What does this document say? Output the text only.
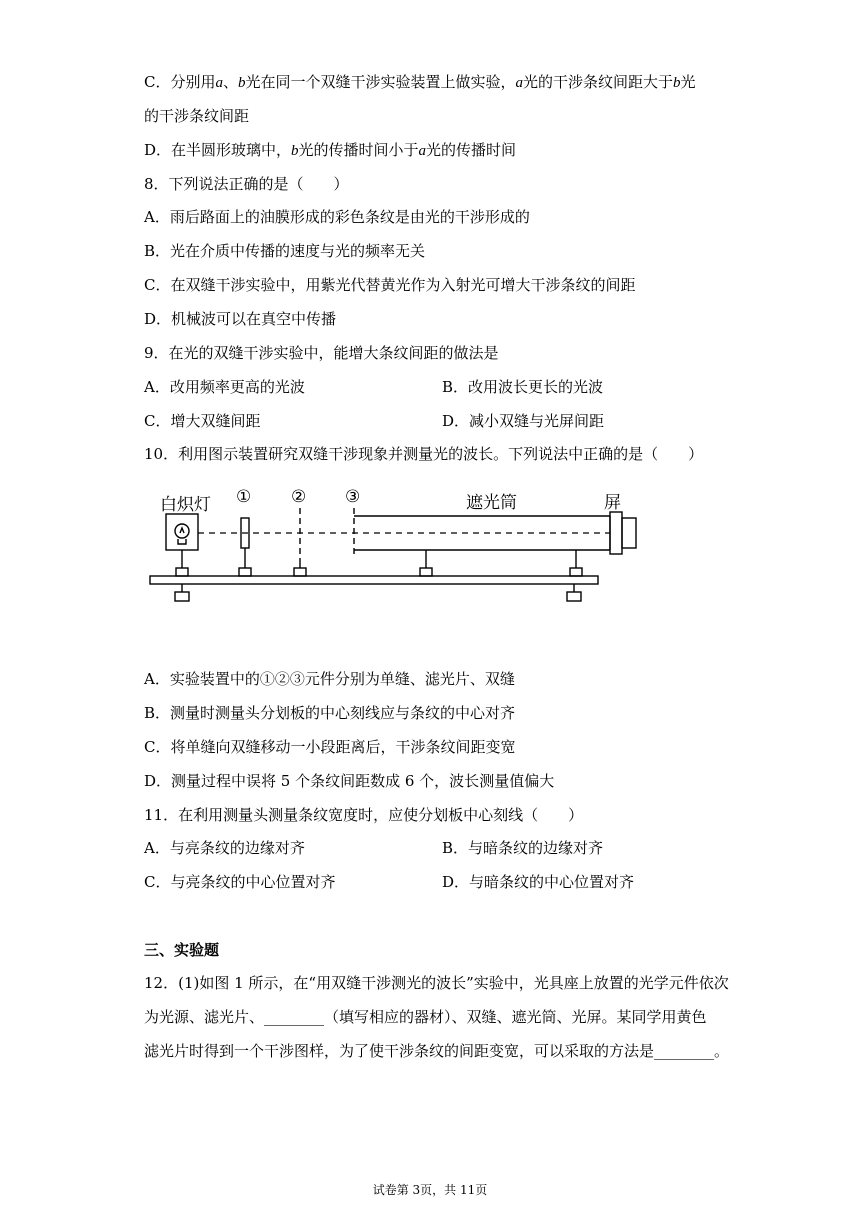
C．分别用a、b光在同一个双缝干涉实验装置上做实验，a光的干涉条纹间距大于b光
的干涉条纹间距
D．在半圆形玻璃中，b光的传播时间小于a光的传播时间
8．下列说法正确的是（　　）
A．雨后路面上的油膜形成的彩色条纹是由光的干涉形成的
B．光在介质中传播的速度与光的频率无关
C．在双缝干涉实验中，用紫光代替黄光作为入射光可增大干涉条纹的间距
D．机械波可以在真空中传播
9．在光的双缝干涉实验中，能增大条纹间距的做法是
A．改用频率更高的光波	B．改用波长更长的光波
C．增大双缝间距	D．减小双缝与光屏间距
10．利用图示装置研究双缝干涉现象并测量光的波长。下列说法中正确的是（　　）
白炽灯 ① ② ③	遮光筒	屏
A．实验装置中的①②③元件分别为单缝、滤光片、双缝
B．测量时测量头分划板的中心刻线应与条纹的中心对齐
C．将单缝向双缝移动一小段距离后，干涉条纹间距变宽
D．测量过程中误将 5 个条纹间距数成 6 个，波长测量值偏大
11．在利用测量头测量条纹宽度时，应使分划板中心刻线（　　）
A．与亮条纹的边缘对齐	B．与暗条纹的边缘对齐
C．与亮条纹的中心位置对齐	D．与暗条纹的中心位置对齐
三、实验题
12．(1)如图 1 所示，在“用双缝干涉测光的波长”实验中，光具座上放置的光学元件依次
为光源、滤光片、________（填写相应的器材）、双缝、遮光筒、光屏。某同学用黄色
滤光片时得到一个干涉图样，为了使干涉条纹的间距变宽，可以采取的方法是________。
试卷第 3页，共 11页
